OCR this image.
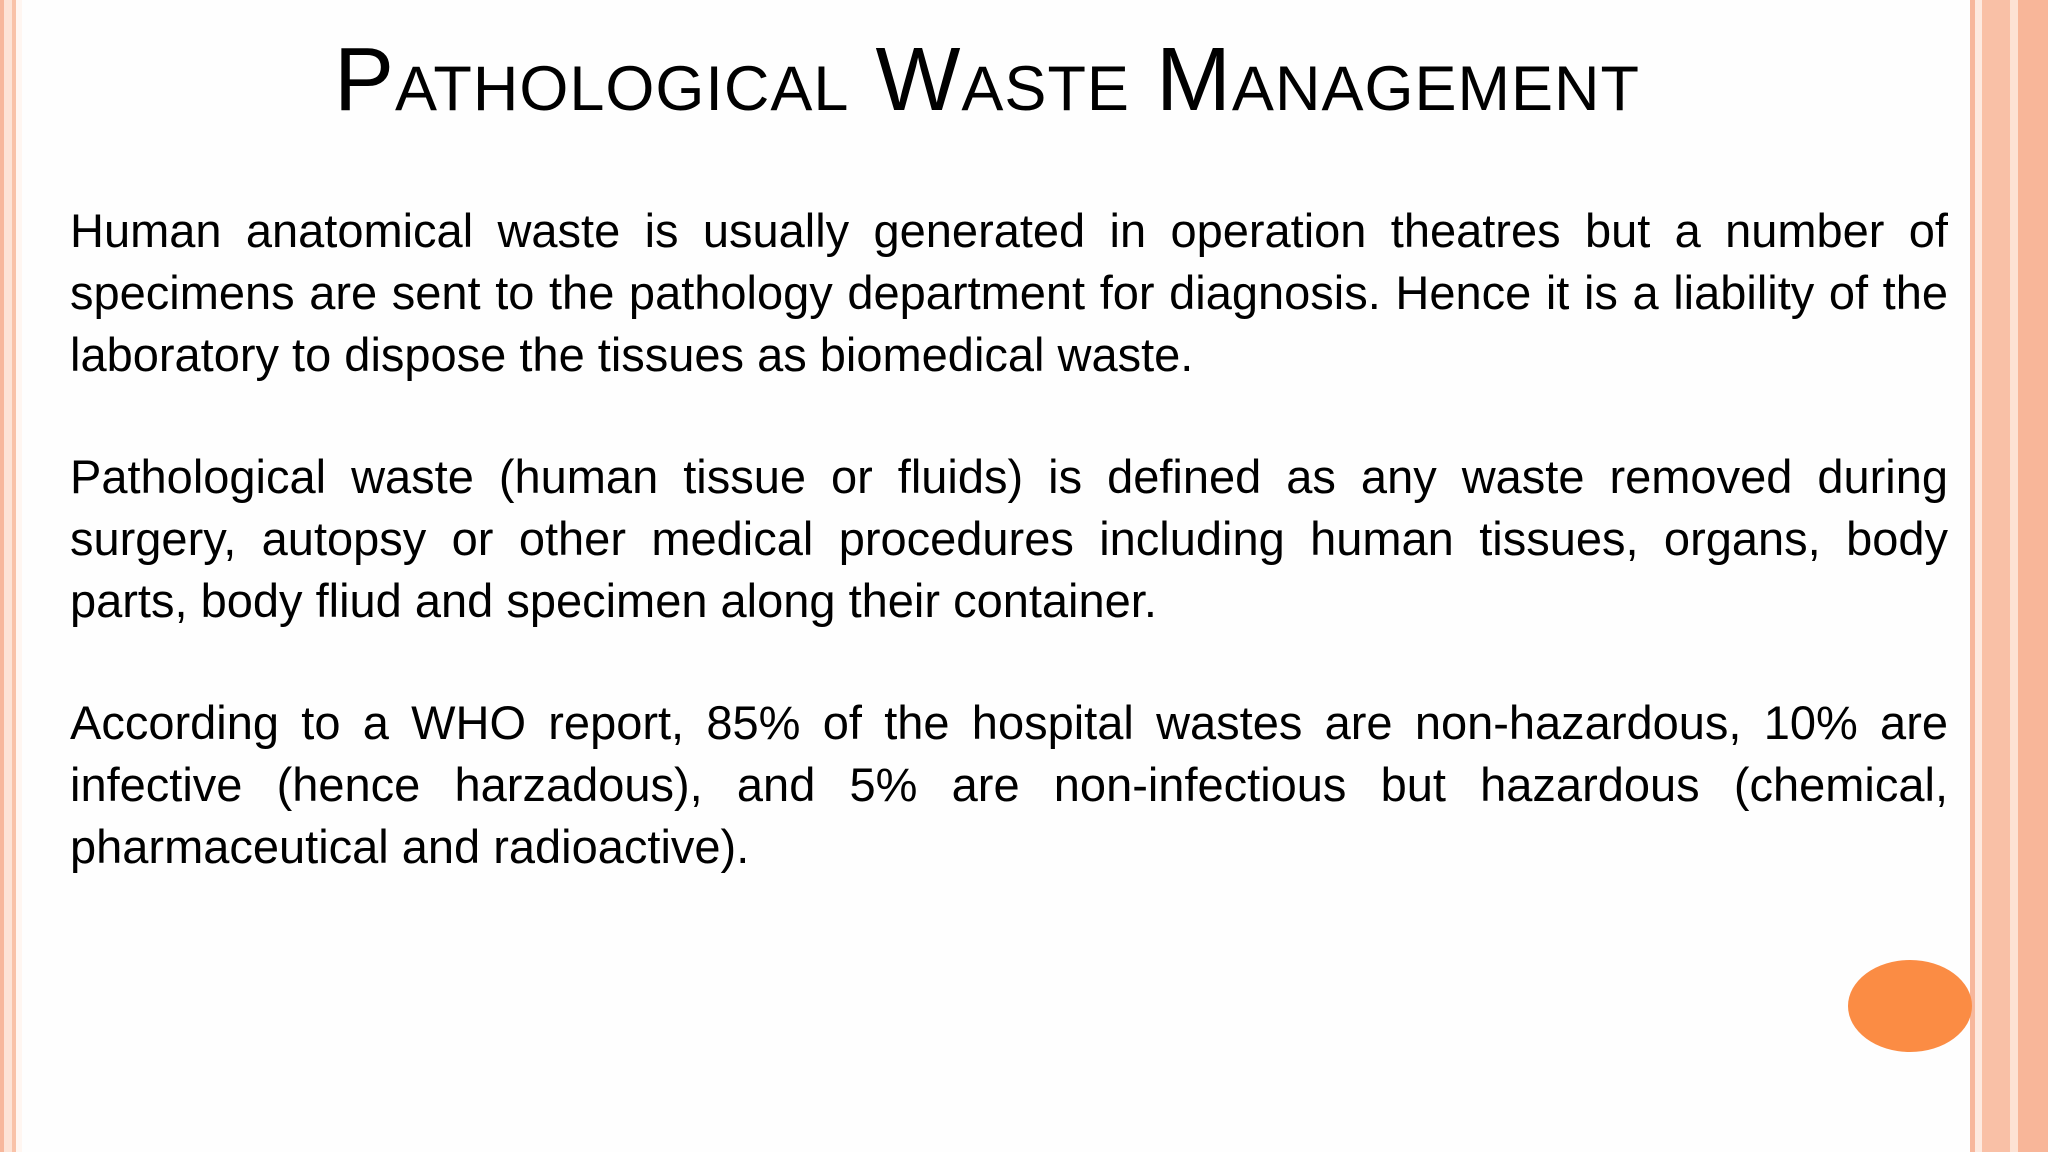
Pathological Waste Management

Human anatomical waste is usually generated in operation theatres but a number of specimens are sent to the pathology department for diagnosis. Hence it is a liability of the laboratory to dispose the tissues as biomedical waste.

Pathological waste (human tissue or fluids) is defined as any waste removed during surgery, autopsy or other medical procedures including human tissues, organs, body parts, body fliud and specimen along their container.

According to a WHO report, 85% of the hospital wastes are non-hazardous, 10% are infective (hence harzadous), and 5% are non-infectious but hazardous (chemical, pharmaceutical and radioactive).
